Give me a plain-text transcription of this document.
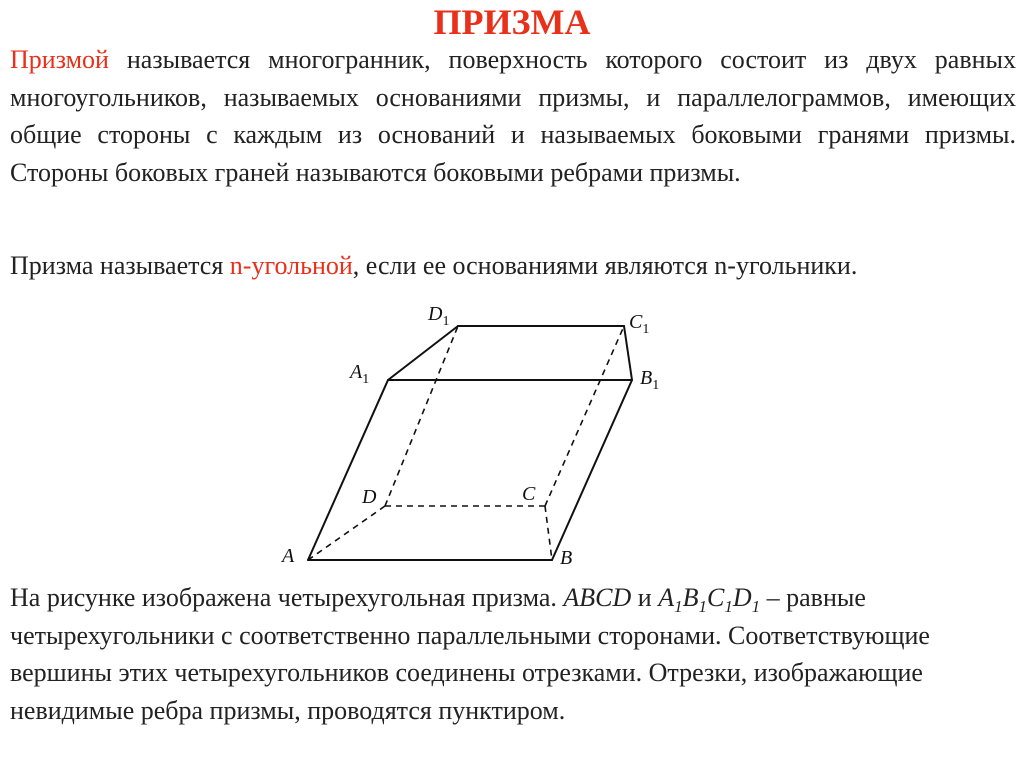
ПРИЗМА

Призмой называется многогранник, поверхность которого состоит из двух равных многоугольников, называемых основаниями призмы, и параллелограммов, имеющих общие стороны с каждым из оснований и называемых боковыми гранями призмы. Стороны боковых граней называются боковыми ребрами призмы.

Призма называется n-угольной, если ее основаниями являются n-угольники.

A	B
C
D
$A_1$	$B_1$
$C_1$
$D_1$

На рисунке изображена четырехугольная призма. ABCD и $A_1B_1C_1D_1$ – равные четырехугольники с соответственно параллельными сторонами. Соответствующие вершины этих четырехугольников соединены отрезками. Отрезки, изображающие невидимые ребра призмы, проводятся пунктиром.
